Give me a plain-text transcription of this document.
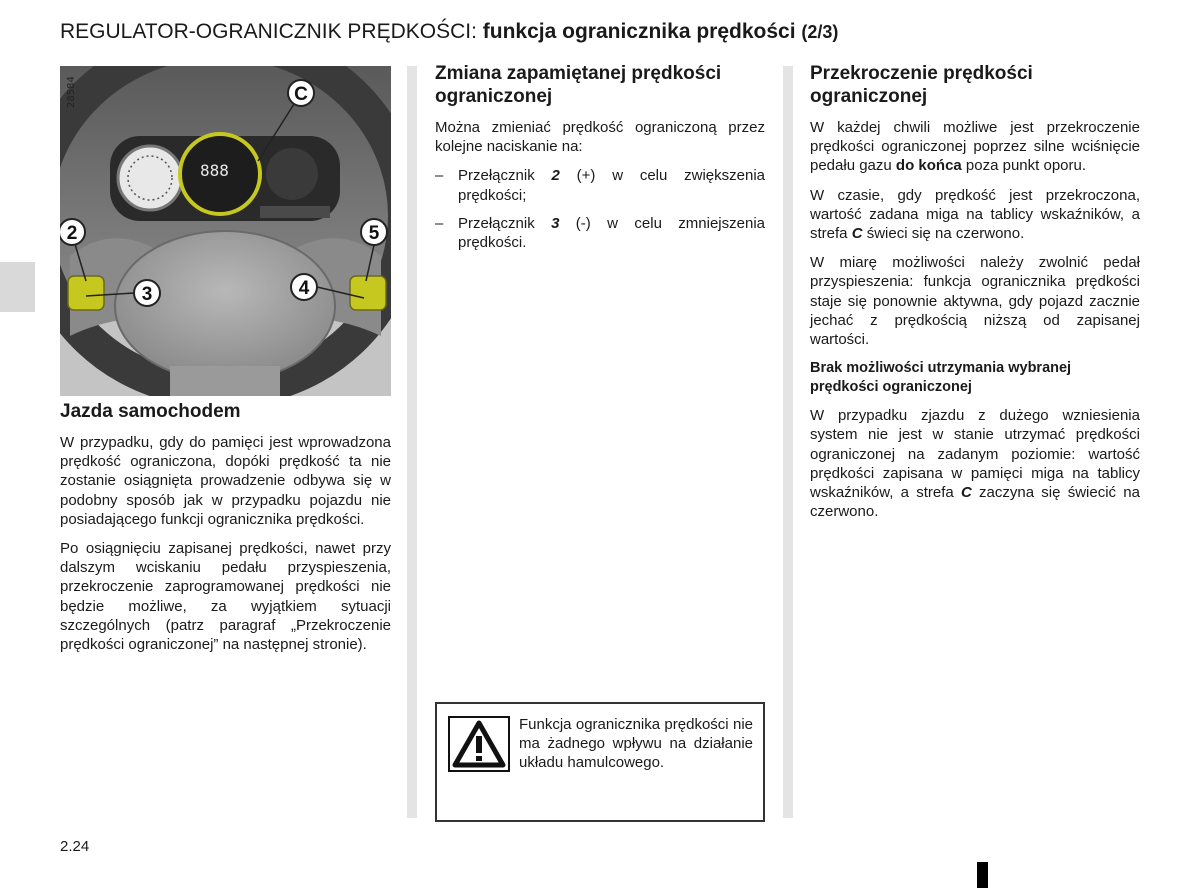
REGULATOR-OGRANICZNIK PRĘDKOŚCI: funkcja ogranicznika prędkości (2/3)
888
28584	C
2
3	4
5
Jazda samochodem

W przypadku, gdy do pamięci jest wprowadzona prędkość ograniczona, dopóki prędkość ta nie zostanie osiągnięta prowadzenie odbywa się w podobny sposób jak w przypadku pojazdu nie posiadającego funkcji ogranicznika prędkości.

Po osiągnięciu zapisanej prędkości, nawet przy dalszym wciskaniu pedału przyspieszenia, przekroczenie zaprogramowanej prędkości nie będzie możliwe, za wyjątkiem sytuacji szczególnych (patrz paragraf „Przekroczenie prędkości ograniczonej” na następnej stronie).

Zmiana zapamiętanej prędkości ograniczonej

Można zmieniać prędkość ograniczoną przez kolejne naciskanie na:

– Przełącznik 2 (+) w celu zwiększenia prędkości;
– Przełącznik 3 (-) w celu zmniejszenia prędkości.
Funkcja ogranicznika prędkości nie ma żadnego wpływu na działanie układu hamulcowego.
Przekroczenie prędkości ograniczonej

W każdej chwili możliwe jest przekroczenie prędkości ograniczonej poprzez silne wciśnięcie pedału gazu do końca poza punkt oporu.

W czasie, gdy prędkość jest przekroczona, wartość zadana miga na tablicy wskaźników, a strefa C świeci się na czerwono.

W miarę możliwości należy zwolnić pedał przyspieszenia: funkcja ogranicznika prędkości staje się ponownie aktywna, gdy pojazd zacznie jechać z prędkością niższą od zapisanej wartości.

Brak możliwości utrzymania wybranej prędkości ograniczonej

W przypadku zjazdu z dużego wzniesienia system nie jest w stanie utrzymać prędkości ograniczonej na zadanym poziomie: wartość prędkości zapisana w pamięci miga na tablicy wskaźników, a strefa C zaczyna się świecić na czerwono.

2.24
